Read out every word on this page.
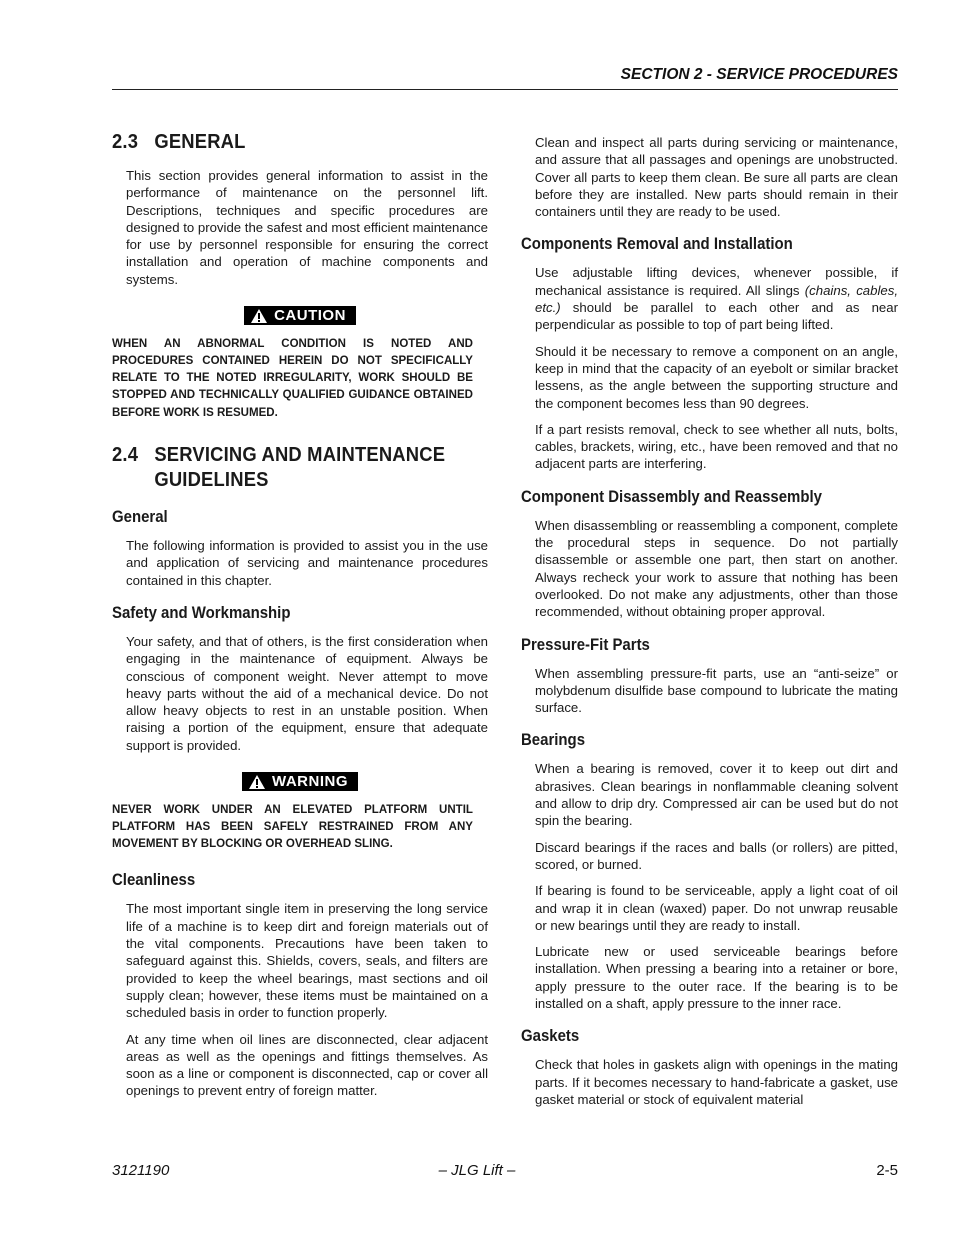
SECTION 2 - SERVICE PROCEDURES
2.3 GENERAL

This section provides general information to assist in the performance of maintenance on the personnel lift. Descriptions, techniques and specific procedures are designed to provide the safest and most efficient maintenance for use by personnel responsible for ensuring the correct installation and operation of machine components and systems.

CAUTION

WHEN AN ABNORMAL CONDITION IS NOTED AND PROCEDURES CONTAINED HEREIN DO NOT SPECIFICALLY RELATE TO THE NOTED IRREGULARITY, WORK SHOULD BE STOPPED AND TECHNICALLY QUALIFIED GUIDANCE OBTAINED BEFORE WORK IS RESUMED.

2.4 SERVICING AND MAINTENANCE
GUIDELINES
General

The following information is provided to assist you in the use and application of servicing and maintenance procedures contained in this chapter.

Safety and Workmanship

Your safety, and that of others, is the first consideration when engaging in the maintenance of equipment. Always be conscious of component weight. Never attempt to move heavy parts without the aid of a mechanical device. Do not allow heavy objects to rest in an unstable position. When raising a portion of the equipment, ensure that adequate support is provided.

WARNING

NEVER WORK UNDER AN ELEVATED PLATFORM UNTIL PLATFORM HAS BEEN SAFELY RESTRAINED FROM ANY MOVEMENT BY BLOCKING OR OVERHEAD SLING.

Cleanliness

The most important single item in preserving the long service life of a machine is to keep dirt and foreign materials out of the vital components. Precautions have been taken to safeguard against this. Shields, covers, seals, and filters are provided to keep the wheel bearings, mast sections and oil supply clean; however, these items must be maintained on a scheduled basis in order to function properly.

At any time when oil lines are disconnected, clear adjacent areas as well as the openings and fittings themselves. As soon as a line or component is disconnected, cap or cover all openings to prevent entry of foreign matter.

Clean and inspect all parts during servicing or maintenance, and assure that all passages and openings are unobstructed. Cover all parts to keep them clean. Be sure all parts are clean before they are installed. New parts should remain in their containers until they are ready to be used.

Components Removal and Installation

Use adjustable lifting devices, whenever possible, if mechanical assistance is required. All slings (chains, cables, etc.) should be parallel to each other and as near perpendicular as possible to top of part being lifted.

Should it be necessary to remove a component on an angle, keep in mind that the capacity of an eyebolt or similar bracket lessens, as the angle between the supporting structure and the component becomes less than 90 degrees.

If a part resists removal, check to see whether all nuts, bolts, cables, brackets, wiring, etc., have been removed and that no adjacent parts are interfering.

Component Disassembly and Reassembly

When disassembling or reassembling a component, complete the procedural steps in sequence. Do not partially disassemble or assemble one part, then start on another. Always recheck your work to assure that nothing has been overlooked. Do not make any adjustments, other than those recommended, without obtaining proper approval.

Pressure-Fit Parts

When assembling pressure-fit parts, use an “anti-seize” or molybdenum disulfide base compound to lubricate the mating surface.

Bearings

When a bearing is removed, cover it to keep out dirt and abrasives. Clean bearings in nonflammable cleaning solvent and allow to drip dry. Compressed air can be used but do not spin the bearing.

Discard bearings if the races and balls (or rollers) are pitted, scored, or burned.

If bearing is found to be serviceable, apply a light coat of oil and wrap it in clean (waxed) paper. Do not unwrap reusable or new bearings until they are ready to install.

Lubricate new or used serviceable bearings before installation. When pressing a bearing into a retainer or bore, apply pressure to the outer race. If the bearing is to be installed on a shaft, apply pressure to the inner race.

Gaskets

Check that holes in gaskets align with openings in the mating parts. If it becomes necessary to hand-fabricate a gasket, use gasket material or stock of equivalent material

3121190	– JLG Lift –	2-5
